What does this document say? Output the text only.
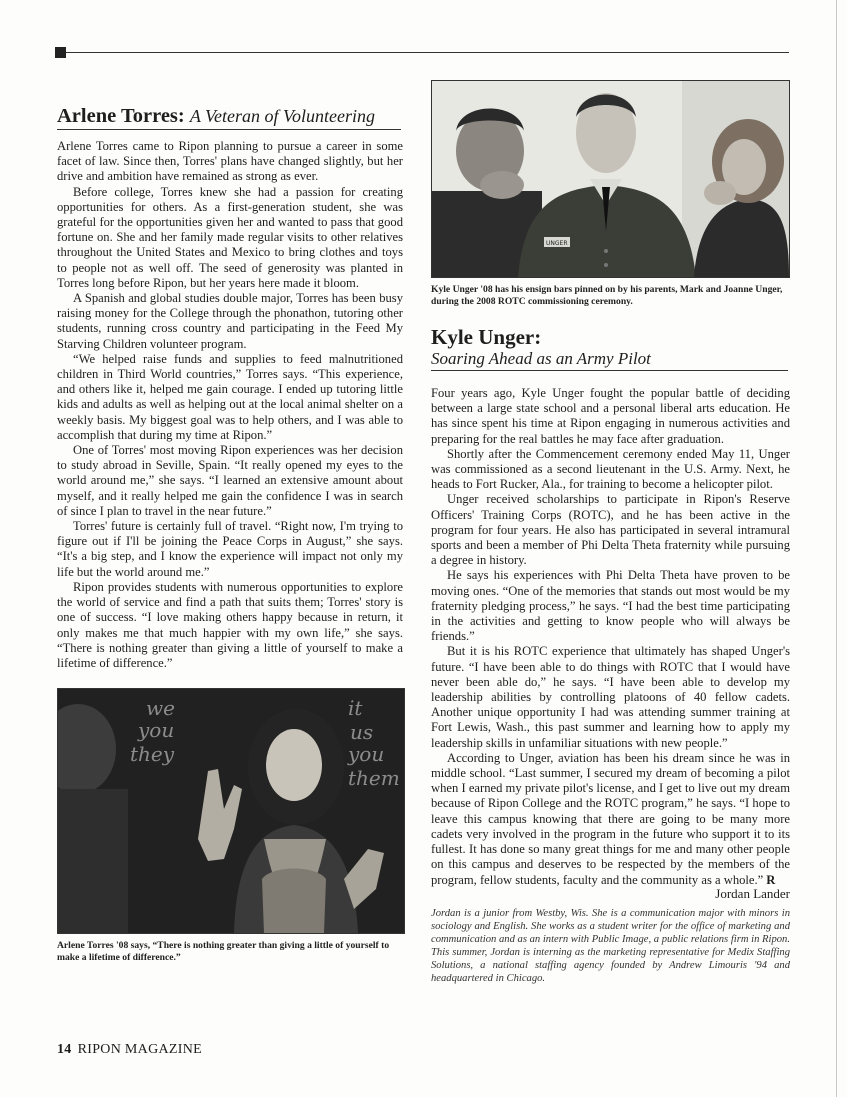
Arlene Torres: A Veteran of Volunteering

Arlene Torres came to Ripon planning to pursue a career in some facet of law. Since then, Torres' plans have changed slightly, but her drive and ambition have remained as strong as ever.

Before college, Torres knew she had a passion for creating opportunities for others. As a first-generation student, she was grateful for the opportunities given her and wanted to pass that good fortune on. She and her family made regular visits to other relatives throughout the United States and Mexico to bring clothes and toys to people not as well off. The seed of generosity was planted in Torres long before Ripon, but her years here made it bloom.

A Spanish and global studies double major, Torres has been busy raising money for the College through the phonathon, tutoring other students, running cross country and participating in the Feed My Starving Children volunteer program.

“We helped raise funds and supplies to feed malnutritioned children in Third World countries,” Torres says. “This experience, and others like it, helped me gain courage. I ended up tutoring little kids and adults as well as helping out at the local animal shelter on a weekly basis. My biggest goal was to help others, and I was able to accomplish that during my time at Ripon.”

One of Torres' most moving Ripon experiences was her decision to study abroad in Seville, Spain. “It really opened my eyes to the world around me,” she says. “I learned an extensive amount about myself, and it really helped me gain the confidence I was in search of since I plan to travel in the near future.”

Torres' future is certainly full of travel. “Right now, I'm trying to figure out if I'll be joining the Peace Corps in August,” she says. “It's a big step, and I know the experience will impact not only my life but the world around me.”

Ripon provides students with numerous opportunities to explore the world of service and find a path that suits them; Torres' story is one of success. “I love making others happy because in return, it only makes me that much happier with my own life,” she says. “There is nothing greater than giving a little of yourself to make a lifetime of difference.”

we
you
they
it
us
you
them
Arlene Torres '08 says, “There is nothing greater than giving a little of yourself to make a lifetime of difference.”
UNGER
Kyle Unger '08 has his ensign bars pinned on by his parents, Mark and Joanne Unger, during the 2008 ROTC commissioning ceremony.
Kyle Unger:
Soaring Ahead as an Army Pilot

Four years ago, Kyle Unger fought the popular battle of deciding between a large state school and a personal liberal arts education. He has since spent his time at Ripon engaging in numerous activities and preparing for the real battles he may face after graduation.

Shortly after the Commencement ceremony ended May 11, Unger was commissioned as a second lieutenant in the U.S. Army. Next, he heads to Fort Rucker, Ala., for training to become a helicopter pilot.

Unger received scholarships to participate in Ripon's Reserve Officers' Training Corps (ROTC), and he has been active in the program for four years. He also has participated in several intramural sports and been a member of Phi Delta Theta fraternity while pursuing a degree in history.

He says his experiences with Phi Delta Theta have proven to be moving ones. “One of the memories that stands out most would be my fraternity pledging process,” he says. “I had the best time participating in the activities and getting to know people who will always be friends.”

But it is his ROTC experience that ultimately has shaped Unger's future. “I have been able to do things with ROTC that I would have never been able do,” he says. “I have been able to develop my leadership abilities by controlling platoons of 40 fellow cadets. Another unique opportunity I had was attending summer training at Fort Lewis, Wash., this past summer and learning how to apply my leadership skills in unfamiliar situations with new people.”

According to Unger, aviation has been his dream since he was in middle school. “Last summer, I secured my dream of becoming a pilot when I earned my private pilot's license, and I get to live out my dream because of Ripon College and the ROTC program,” he says. “I hope to leave this campus knowing that there are going to be many more cadets very involved in the program in the future who support it to its fullest. It has done so many great things for me and many other people on this campus and deserves to be respected by the members of the program, fellow students, faculty and the community as a whole.” R

Jordan Lander
Jordan is a junior from Westby, Wis. She is a communication major with minors in sociology and English. She works as a student writer for the office of marketing and communication and as an intern with Public Image, a public relations firm in Ripon. This summer, Jordan is interning as the marketing representative for Medix Staffing Solutions, a national staffing agency founded by Andrew Limouris '94 and headquartered in Chicago.
14 RIPON MAGAZINE
